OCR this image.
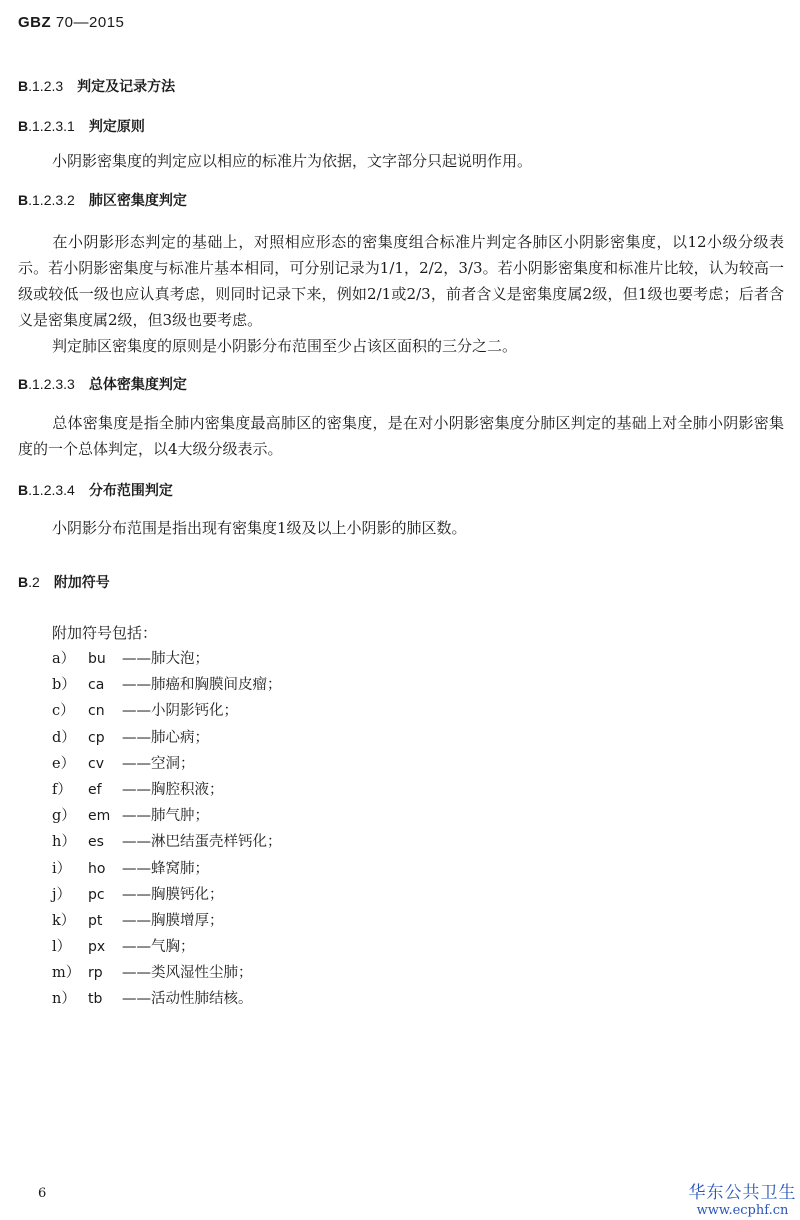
GBZ 70—2015
B.1.2.3 判定及记录方法
B.1.2.3.1 判定原则
小阴影密集度的判定应以相应的标准片为依据，文字部分只起说明作用。
B.1.2.3.2 肺区密集度判定
在小阴影形态判定的基础上，对照相应形态的密集度组合标准片判定各肺区小阴影密集度，以12小级分级表示。若小阴影密集度与标准片基本相同，可分别记录为1/1，2/2，3/3。若小阴影密集度和标准片比较，认为较高一级或较低一级也应认真考虑，则同时记录下来，例如2/1或2/3，前者含义是密集度属2级，但1级也要考虑；后者含义是密集度属2级，但3级也要考虑。
判定肺区密集度的原则是小阴影分布范围至少占该区面积的三分之二。
B.1.2.3.3 总体密集度判定
总体密集度是指全肺内密集度最高肺区的密集度，是在对小阴影密集度分肺区判定的基础上对全肺小阴影密集度的一个总体判定，以4大级分级表示。
B.1.2.3.4 分布范围判定
小阴影分布范围是指出现有密集度1级及以上小阴影的肺区数。
B.2 附加符号
附加符号包括：
a） bu ——肺大泡；
b） ca ——肺癌和胸膜间皮瘤；
c） cn ——小阴影钙化；
d） cp ——肺心病；
e） cv ——空洞；
f） ef ——胸腔积液；
g） em ——肺气肿；
h） es ——淋巴结蛋壳样钙化；
i） ho ——蜂窝肺；
j） pc ——胸膜钙化；
k） pt ——胸膜增厚；
l） px ——气胸；
m） rp ——类风湿性尘肺；
n） tb ——活动性肺结核。
6	华东公共卫生
www.ecphf.cn
